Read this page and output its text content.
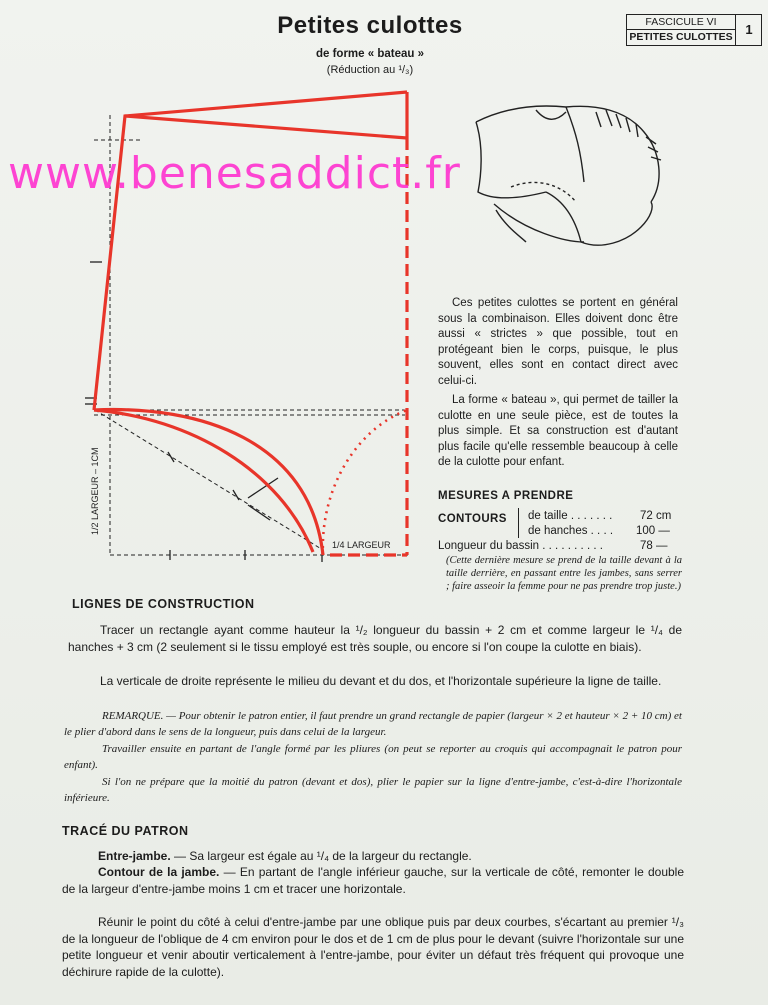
Petites culottes
de forme « bateau »
(Réduction au ¹/₃)
FASCICULE VI
PETITES CULOTTES 1
1/2 LARGEUR – 1CM
1/4 LARGEUR
www.benesaddict.fr

Ces petites culottes se portent en général sous la combinaison. Elles doivent donc être aussi « strictes » que possible, tout en protégeant bien le corps, puisque, le plus souvent, elles sont en contact direct avec celui-ci.

La forme « bateau », qui permet de tailler la culotte en une seule pièce, est de toutes la plus simple. Et sa construction est d'autant plus facile qu'elle ressemble beaucoup à celle de la culotte pour enfant.

MESURES A PRENDRE
CONTOURS de taille . . . . . . . 72 cm
de hanches . . . . 100 —
Longueur du bassin . . . . . . . . . .	78 —
(Cette dernière mesure se prend de la taille devant à la taille derrière, en passant entre les jambes, sans serrer ; faire asseoir la femme pour ne pas prendre trop juste.)
LIGNES DE CONSTRUCTION
Tracer un rectangle ayant comme hauteur la ¹/₂ longueur du bassin + 2 cm et comme largeur le ¹/₄ de hanches + 3 cm (2 seulement si le tissu employé est très souple, ou encore si l'on coupe la culotte en biais).
La verticale de droite représente le milieu du devant et du dos, et l'horizontale supérieure la ligne de taille.
REMARQUE. — Pour obtenir le patron entier, il faut prendre un grand rectangle de papier (largeur × 2 et hauteur × 2 + 10 cm) et le plier d'abord dans le sens de la longueur, puis dans celui de la largeur.
Travailler ensuite en partant de l'angle formé par les pliures (on peut se reporter au croquis qui accompagnait le patron pour enfant).
Si l'on ne prépare que la moitié du patron (devant et dos), plier le papier sur la ligne d'entre-jambe, c'est-à-dire l'horizontale inférieure.
TRACÉ DU PATRON
Entre-jambe. — Sa largeur est égale au ¹/₄ de la largeur du rectangle.
Contour de la jambe. — En partant de l'angle inférieur gauche, sur la verticale de côté, remonter le double de la largeur d'entre-jambe moins 1 cm et tracer une horizontale.
Réunir le point du côté à celui d'entre-jambe par une oblique puis par deux courbes, s'écartant au premier ¹/₃ de la longueur de l'oblique de 4 cm environ pour le dos et de 1 cm de plus pour le devant (suivre l'horizontale sur une petite longueur et venir aboutir verticalement à l'entre-jambe, pour éviter un défaut très fréquent qui provoque une déchirure rapide de la culotte).
